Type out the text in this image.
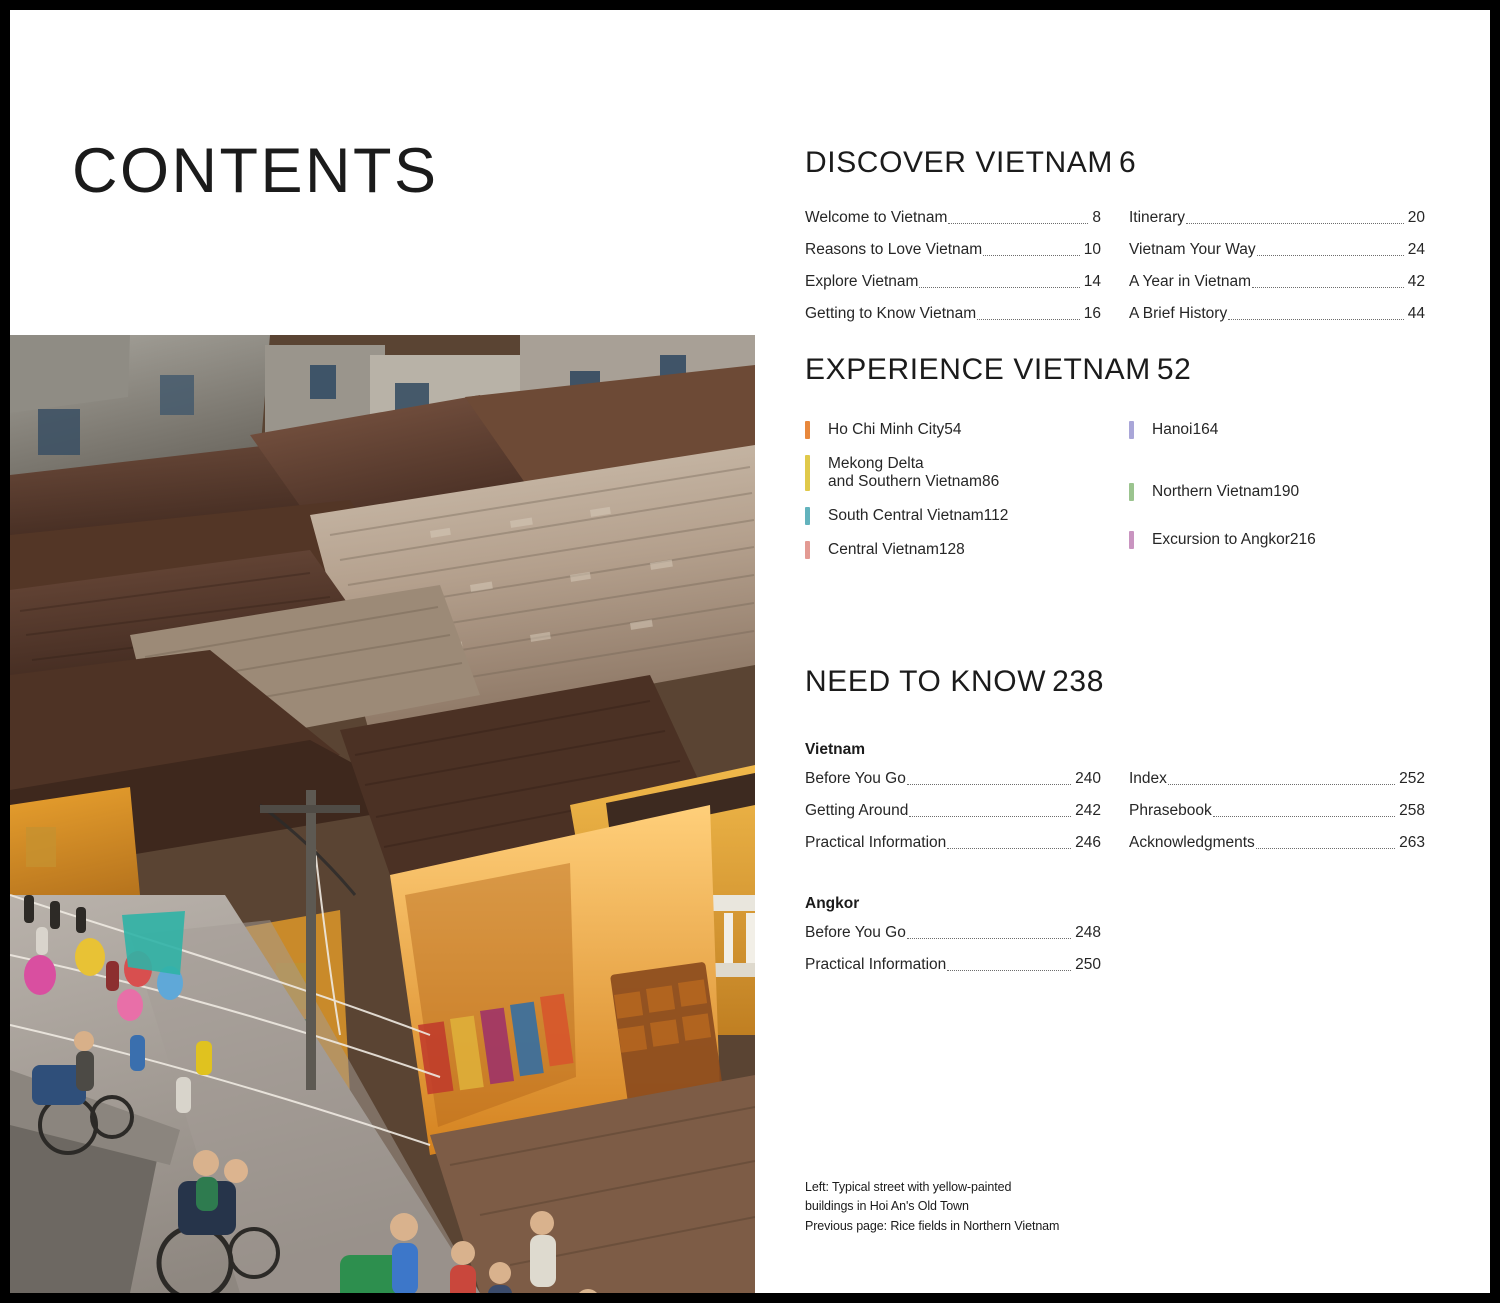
CONTENTS	DISCOVER VIETNAM 6
Welcome to Vietnam	8
Reasons to Love Vietnam	10
Explore Vietnam	14
Getting to Know Vietnam	16
Itinerary	20
Vietnam Your Way	24
A Year in Vietnam	42
A Brief History	44
EXPERIENCE VIETNAM 52
Ho Chi Minh City 54
Mekong Delta
and Southern Vietnam 86
South Central Vietnam 112
Central Vietnam 128
Hanoi 164
Northern Vietnam 190
Excursion to Angkor 216
NEED TO KNOW 238
Vietnam
Before You Go	240
Getting Around	242
Practical Information	246
Index	252
Phrasebook	258
Acknowledgments	263
Angkor
Before You Go	248
Practical Information	250
Left: Typical street with yellow-painted
buildings in Hoi An's Old Town
Previous page: Rice fields in Northern Vietnam
